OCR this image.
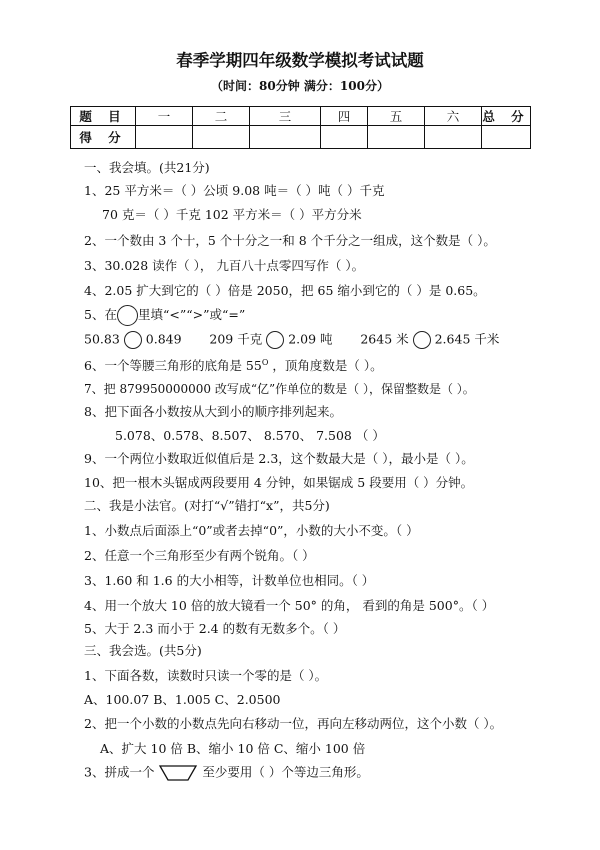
春季学期四年级数学模拟考试试题
（时间：80分钟 满分：100分）
题 目	一	二	三	四	五	六	总 分
得 分							
一、我会填。(共21分)
1、25 平方米＝（ ）公顷 9.08 吨＝（ ）吨（ ）千克
70 克＝（ ）千克 102 平方米＝（ ）平方分米
2、一个数由 3 个十，5 个十分之一和 8 个千分之一组成，这个数是（ ）。
3、30.028 读作（ ）， 九百八十点零四写作（ ）。
4、2.05 扩大到它的（ ）倍是 2050，把 65 缩小到它的（ ）是 0.65。
5、在 里填“<”“>”或“=”
50.83 0.849 209 千克 2.09 吨 2645 米 2.645 千米
6、一个等腰三角形的底角是 $55^O$ ，顶角度数是（ ）。
7、把 879950000000 改写成“亿”作单位的数是（ ），保留整数是（ ）。
8、把下面各小数按从大到小的顺序排列起来。
5.078、0.578、8.507、 8.570、 7.508 （ ）
9、一个两位小数取近似值后是 2.3，这个数最大是（ ），最小是（ ）。
10、把一根木头锯成两段要用 4 分钟，如果锯成 5 段要用（ ）分钟。
二、我是小法官。(对打“√”错打“x”，共5分)
1、小数点后面添上“0”或者去掉“0”，小数的大小不变。（ ）
2、任意一个三角形至少有两个锐角。（ ）
3、1.60 和 1.6 的大小相等，计数单位也相同。（ ）
4、用一个放大 10 倍的放大镜看一个 50° 的角， 看到的角是 500°。（ ）
5、大于 2.3 而小于 2.4 的数有无数多个。（ ）
三、我会选。(共5分)
1、下面各数，读数时只读一个零的是（ ）。
A、100.07 B、1.005 C、2.0500
2、把一个小数的小数点先向右移动一位，再向左移动两位，这个小数（ ）。
A、扩大 10 倍 B、缩小 10 倍 C、缩小 100 倍
3、拼成一个	至少要用（ ）个等边三角形。
